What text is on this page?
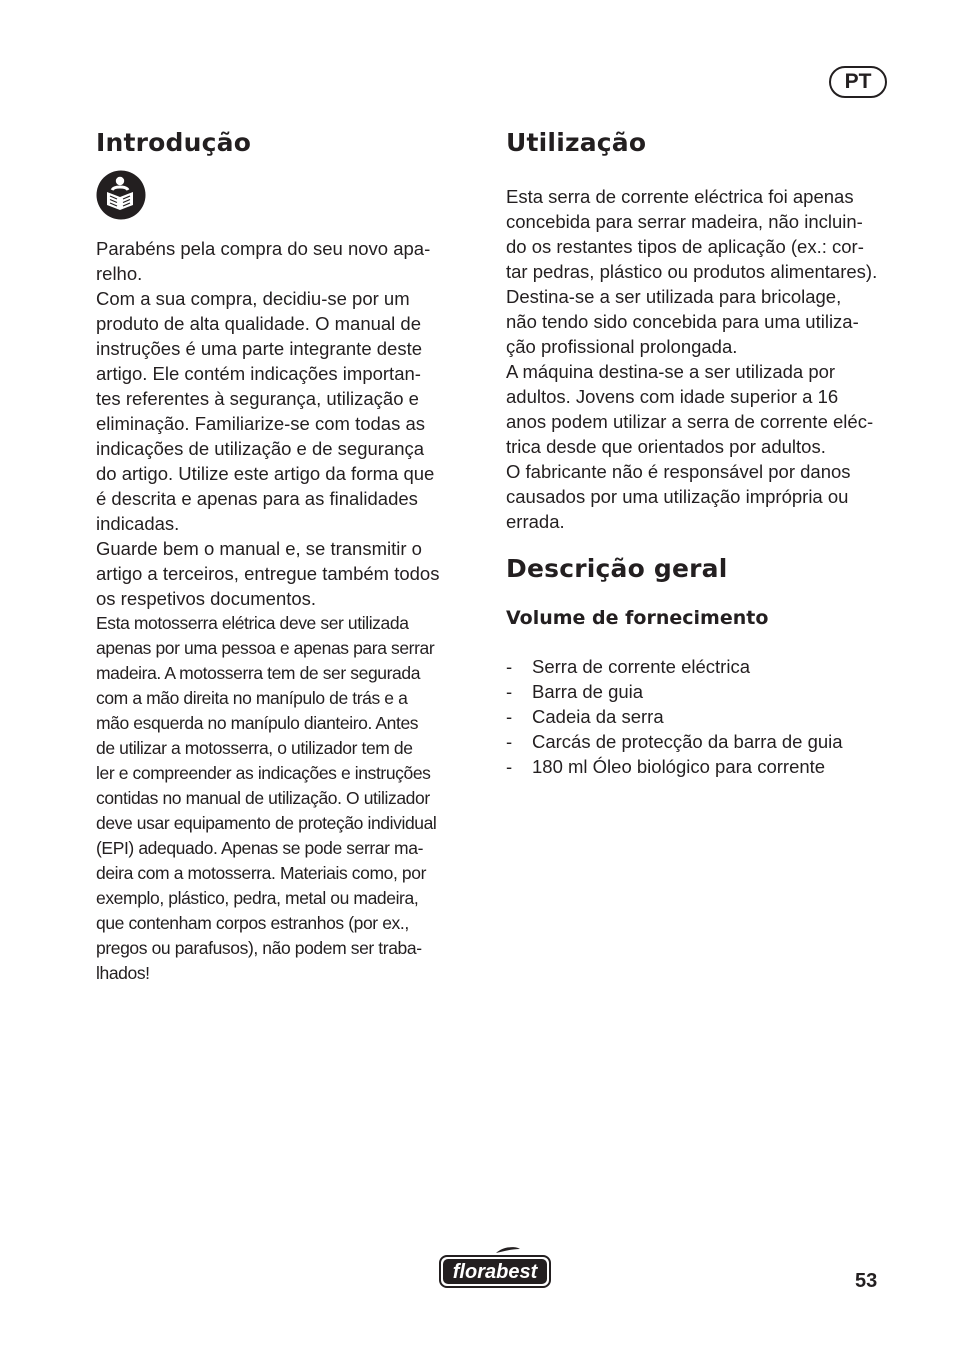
PT
Introdução

Parabéns pela compra do seu novo apa-
relho.

Com a sua compra, decidiu-se por um
produto de alta qualidade. O manual de
instruções é uma parte integrante deste
artigo. Ele contém indicações importan-
tes referentes à segurança, utilização e
eliminação. Familiarize-se com todas as
indicações de utilização e de segurança
do artigo. Utilize este artigo da forma que
é descrita e apenas para as finalidades
indicadas.

Guarde bem o manual e, se transmitir o
artigo a terceiros, entregue também todos
os respetivos documentos.

Esta motosserra elétrica deve ser utilizada
apenas por uma pessoa e apenas para serrar
madeira. A motosserra tem de ser segurada
com a mão direita no manípulo de trás e a
mão esquerda no manípulo dianteiro. Antes
de utilizar a motosserra, o utilizador tem de
ler e compreender as indicações e instruções
contidas no manual de utilização. O utilizador
deve usar equipamento de proteção individual
(EPI) adequado. Apenas se pode serrar ma-
deira com a motosserra. Materiais como, por
exemplo, plástico, pedra, metal ou madeira,
que contenham corpos estranhos (por ex.,
pregos ou parafusos), não podem ser traba-
lhados!

Utilização

Esta serra de corrente eléctrica foi apenas
concebida para serrar madeira, não incluin-
do os restantes tipos de aplicação (ex.: cor-
tar pedras, plástico ou produtos alimentares).
Destina-se a ser utilizada para bricolage,
não tendo sido concebida para uma utiliza-
ção profissional prolongada.

A máquina destina-se a ser utilizada por
adultos. Jovens com idade superior a 16
anos podem utilizar a serra de corrente eléc-
trica desde que orientados por adultos.

O fabricante não é responsável por danos
causados por uma utilização imprópria ou
errada.

Descrição geral
Volume de fornecimento
- Serra de corrente eléctrica
- Barra de guia
- Cadeia da serra
- Carcás de protecção da barra de guia
- 180 ml Óleo biológico para corrente
florabest	53
